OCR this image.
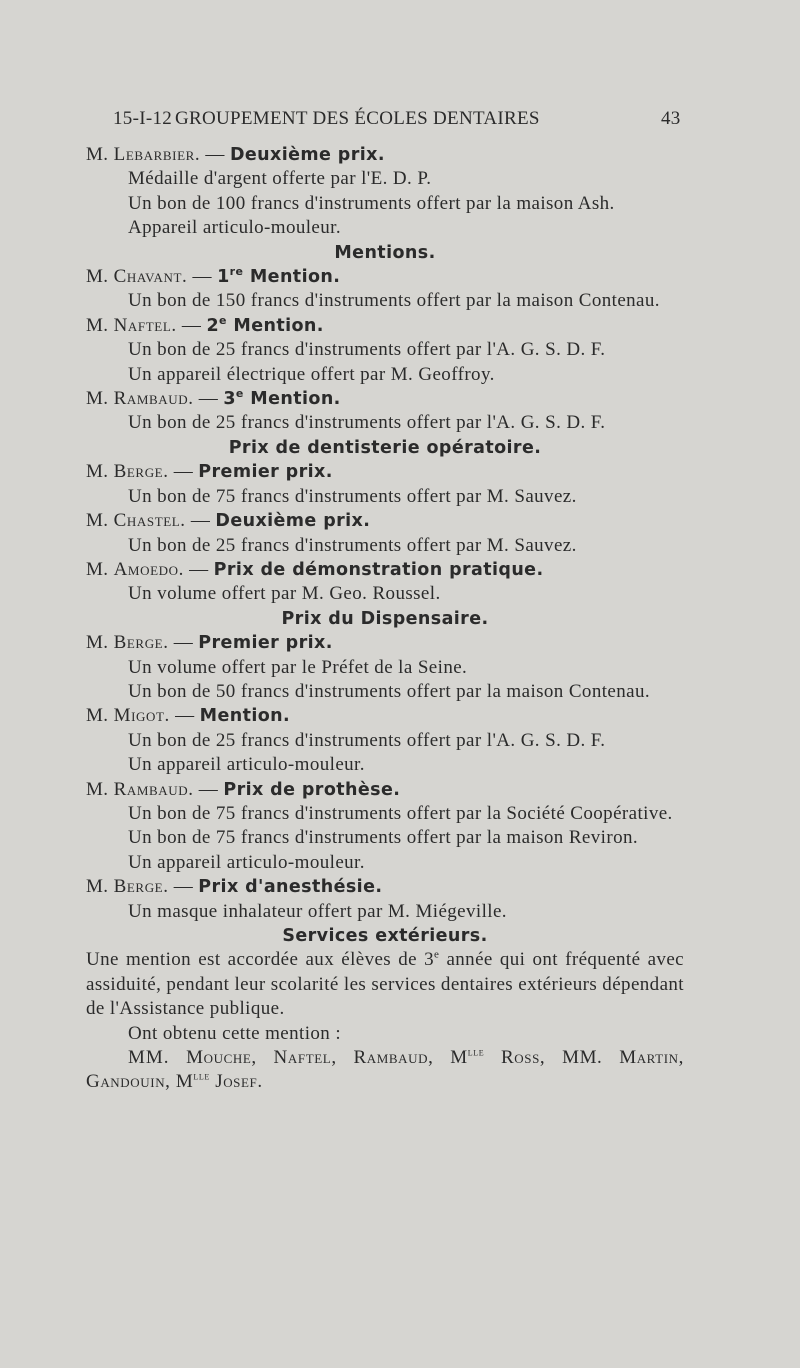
15-I-12 GROUPEMENT DES ÉCOLES DENTAIRES	43
M. Lebarbier. — Deuxième prix.
Médaille d'argent offerte par l'E. D. P.
Un bon de 100 francs d'instruments offert par la maison Ash.
Appareil articulo-mouleur.
Mentions.
M. Chavant. — 1re Mention.
Un bon de 150 francs d'instruments offert par la maison Contenau.
M. Naftel. — 2e Mention.
Un bon de 25 francs d'instruments offert par l'A. G. S. D. F.
Un appareil électrique offert par M. Geoffroy.
M. Rambaud. — 3e Mention.
Un bon de 25 francs d'instruments offert par l'A. G. S. D. F.
Prix de dentisterie opératoire.
M. Berge. — Premier prix.
Un bon de 75 francs d'instruments offert par M. Sauvez.
M. Chastel. — Deuxième prix.
Un bon de 25 francs d'instruments offert par M. Sauvez.
M. Amoedo. — Prix de démonstration pratique.
Un volume offert par M. Geo. Roussel.
Prix du Dispensaire.
M. Berge. — Premier prix.
Un volume offert par le Préfet de la Seine.
Un bon de 50 francs d'instruments offert par la maison Contenau.
M. Migot. — Mention.
Un bon de 25 francs d'instruments offert par l'A. G. S. D. F.
Un appareil articulo-mouleur.
M. Rambaud. — Prix de prothèse.
Un bon de 75 francs d'instruments offert par la Société Coopérative.
Un bon de 75 francs d'instruments offert par la maison Reviron.
Un appareil articulo-mouleur.
M. Berge. — Prix d'anesthésie.
Un masque inhalateur offert par M. Miégeville.
Services extérieurs.
Une mention est accordée aux élèves de 3e année qui ont fréquenté avec assiduité, pendant leur scolarité les services dentaires extérieurs dépendant de l'Assistance publique.
Ont obtenu cette mention :
MM. Mouche, Naftel, Rambaud, $M^{lle}$ Ross, MM. Martin, Gandouin, $M^{lle}$ Josef.
